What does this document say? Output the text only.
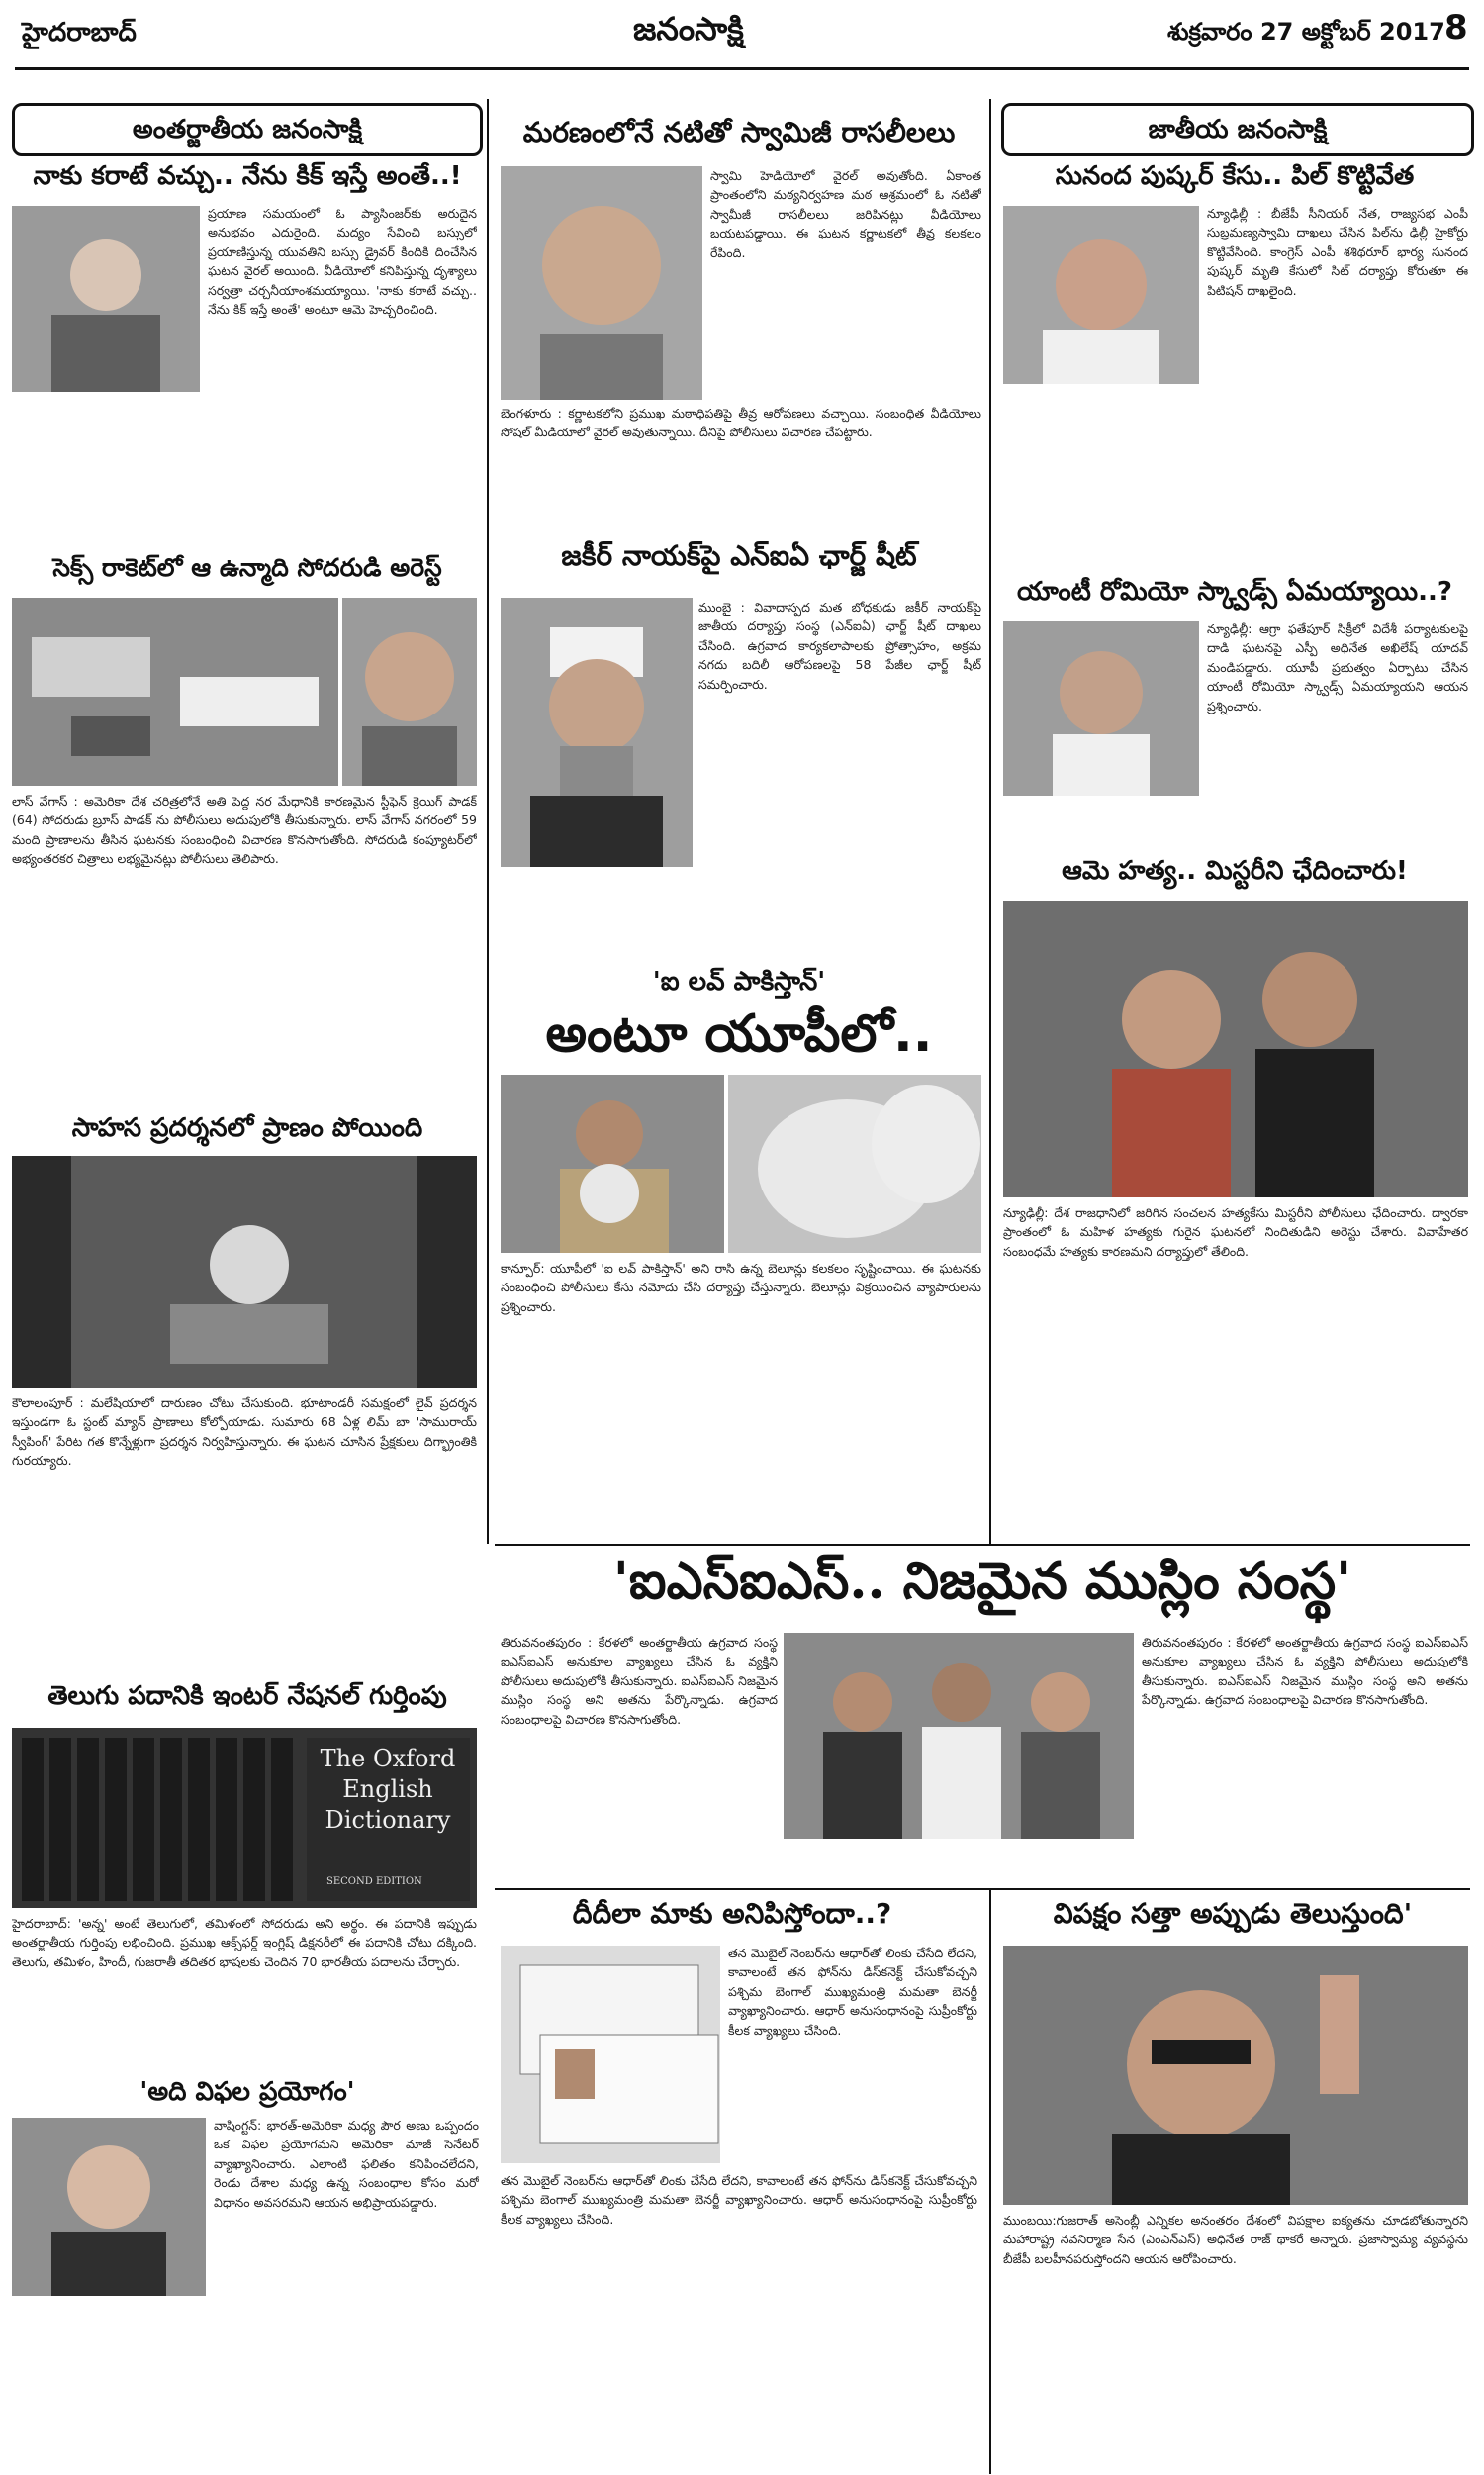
హైదరాబాద్	జనంసాక్షి	శుక్రవారం 27 అక్టోబర్ 2017 8
అంతర్జాతీయ జనంసాక్షి
నాకు కరాటే వచ్చు.. నేను కిక్ ఇస్తే అంతే..!
ప్రయాణ సమయంలో ఓ ప్యాసింజర్‌కు అరుదైన అనుభవం ఎదురైంది. మద్యం సేవించి బస్సులో ప్రయాణిస్తున్న యువతిని బస్సు డ్రైవర్ కిందికి దించేసిన ఘటన వైరల్ అయింది. వీడియోలో కనిపిస్తున్న దృశ్యాలు సర్వత్రా చర్చనీయాంశమయ్యాయి. 'నాకు కరాటే వచ్చు.. నేను కిక్ ఇస్తే అంతే' అంటూ ఆమె హెచ్చరించింది.
సెక్స్ రాకెట్‌లో ఆ ఉన్మాది సోదరుడి అరెస్ట్
లాస్ వేగాస్ : అమెరికా దేశ చరిత్రలోనే అతి పెద్ద నర మేధానికి కారణమైన స్టీఫెన్ క్రెయిగ్ పాడక్ (64) సోదరుడు బ్రూస్ పాడక్ ను పోలీసులు అదుపులోకి తీసుకున్నారు. లాస్ వేగాస్ నగరంలో 59 మంది ప్రాణాలను తీసిన ఘటనకు సంబంధించి విచారణ కొనసాగుతోంది. సోదరుడి కంప్యూటర్‌లో అభ్యంతరకర చిత్రాలు లభ్యమైనట్లు పోలీసులు తెలిపారు.
సాహస ప్రదర్శనలో ప్రాణం పోయింది
కౌలాలంపూర్ : మలేషియాలో దారుణం చోటు చేసుకుంది. భూటాండరీ సమక్షంలో లైవ్ ప్రదర్శన ఇస్తుండగా ఓ స్టంట్ మ్యాన్ ప్రాణాలు కోల్పోయాడు. సుమారు 68 ఏళ్ల లిమ్ బా 'సామురాయ్ స్వీపింగ్' పేరిట గత కొన్నేళ్లుగా ప్రదర్శన నిర్వహిస్తున్నారు. ఈ ఘటన చూసిన ప్రేక్షకులు దిగ్భ్రాంతికి గురయ్యారు.
తెలుగు పదానికి ఇంటర్ నేషనల్ గుర్తింపు
The Oxford English Dictionary
SECOND EDITION
హైదరాబాద్: 'అన్న' అంటే తెలుగులో, తమిళంలో సోదరుడు అని అర్థం. ఈ పదానికి ఇప్పుడు అంతర్జాతీయ గుర్తింపు లభించింది. ప్రముఖ ఆక్స్‌ఫర్డ్ ఇంగ్లిష్ డిక్షనరీలో ఈ పదానికి చోటు దక్కింది. తెలుగు, తమిళం, హిందీ, గుజరాతీ తదితర భాషలకు చెందిన 70 భారతీయ పదాలను చేర్చారు.
'అది విఫల ప్రయోగం'
వాషింగ్టన్: భారత్-అమెరికా మధ్య పౌర అణు ఒప్పందం ఒక విఫల ప్రయోగమని అమెరికా మాజీ సెనేటర్ వ్యాఖ్యానించారు. ఎలాంటి ఫలితం కనిపించలేదని, రెండు దేశాల మధ్య ఉన్న సంబంధాల కోసం మరో విధానం అవసరమని ఆయన అభిప్రాయపడ్డారు.
మరణంలోనే నటితో స్వామిజీ రాసలీలలు
స్వామి హెడియోలో వైరల్ అవుతోంది. ఏకాంత ప్రాంతంలోని మఠ్యనిర్వహణ మఠ ఆశ్రమంలో ఓ నటితో స్వామీజీ రాసలీలలు జరిపినట్లు వీడియోలు బయటపడ్డాయి. ఈ ఘటన కర్ణాటకలో తీవ్ర కలకలం రేపింది.
బెంగళూరు : కర్ణాటకలోని ప్రముఖ మఠాధిపతిపై తీవ్ర ఆరోపణలు వచ్చాయి. సంబంధిత వీడియోలు సోషల్ మీడియాలో వైరల్ అవుతున్నాయి. దీనిపై పోలీసులు విచారణ చేపట్టారు.
జకీర్ నాయక్‌పై ఎన్ఐఏ ఛార్జ్ షీట్
ముంబై : వివాదాస్పద మత బోధకుడు జకీర్ నాయక్‌పై జాతీయ దర్యాప్తు సంస్థ (ఎన్ఐఏ) ఛార్జ్ షీట్ దాఖలు చేసింది. ఉగ్రవాద కార్యకలాపాలకు ప్రోత్సాహం, అక్రమ నగదు బదిలీ ఆరోపణలపై 58 పేజీల ఛార్జ్ షీట్ సమర్పించారు.
'ఐ లవ్ పాకిస్తాన్'
అంటూ యూపీలో..
కాన్పూర్: యూపీలో 'ఐ లవ్ పాకిస్తాన్' అని రాసి ఉన్న బెలూన్లు కలకలం సృష్టించాయి. ఈ ఘటనకు సంబంధించి పోలీసులు కేసు నమోదు చేసి దర్యాప్తు చేస్తున్నారు. బెలూన్లు విక్రయించిన వ్యాపారులను ప్రశ్నించారు.
జాతీయ జనంసాక్షి
సునంద పుష్కర్ కేసు.. పిల్ కొట్టివేత
న్యూఢిల్లీ : బీజేపీ సీనియర్ నేత, రాజ్యసభ ఎంపీ సుబ్రమణ్యస్వామి దాఖలు చేసిన పిల్‌ను ఢిల్లీ హైకోర్టు కొట్టివేసింది. కాంగ్రెస్ ఎంపీ శశిథరూర్ భార్య సునంద పుష్కర్ మృతి కేసులో సిట్ దర్యాప్తు కోరుతూ ఈ పిటిషన్ దాఖలైంది.
యాంటీ రోమియో స్క్వాడ్స్ ఏమయ్యాయి..?
న్యూఢిల్లీ: ఆగ్రా ఫతేపూర్ సిక్రీలో విదేశీ పర్యాటకులపై దాడి ఘటనపై ఎస్పీ అధినేత అఖిలేష్ యాదవ్ మండిపడ్డారు. యూపీ ప్రభుత్వం ఏర్పాటు చేసిన యాంటీ రోమియో స్క్వాడ్స్ ఏమయ్యాయని ఆయన ప్రశ్నించారు.
ఆమె హత్య.. మిస్టరీని ఛేదించారు!
న్యూఢిల్లీ: దేశ రాజధానిలో జరిగిన సంచలన హత్యకేసు మిస్టరీని పోలీసులు ఛేదించారు. ద్వారకా ప్రాంతంలో ఓ మహిళ హత్యకు గురైన ఘటనలో నిందితుడిని అరెస్టు చేశారు. వివాహేతర సంబంధమే హత్యకు కారణమని దర్యాప్తులో తేలింది.
'ఐఎస్ఐఎస్.. నిజమైన ముస్లిం సంస్థ'
తిరువనంతపురం : కేరళలో అంతర్జాతీయ ఉగ్రవాద సంస్థ ఐఎస్ఐఎస్ అనుకూల వ్యాఖ్యలు చేసిన ఓ వ్యక్తిని పోలీసులు అదుపులోకి తీసుకున్నారు. ఐఎస్ఐఎస్ నిజమైన ముస్లిం సంస్థ అని అతను పేర్కొన్నాడు. ఉగ్రవాద సంబంధాలపై విచారణ కొనసాగుతోంది.
తిరువనంతపురం : కేరళలో అంతర్జాతీయ ఉగ్రవాద సంస్థ ఐఎస్ఐఎస్ అనుకూల వ్యాఖ్యలు చేసిన ఓ వ్యక్తిని పోలీసులు అదుపులోకి తీసుకున్నారు. ఐఎస్ఐఎస్ నిజమైన ముస్లిం సంస్థ అని అతను పేర్కొన్నాడు. ఉగ్రవాద సంబంధాలపై విచారణ కొనసాగుతోంది.
దీదీలా మాకు అనిపిస్తోందా..?
తన మొబైల్ నెంబర్‌ను ఆధార్‌తో లింకు చేసేది లేదని, కావాలంటే తన ఫోన్‌ను డిస్‌కనెక్ట్ చేసుకోవచ్చని పశ్చిమ బెంగాల్ ముఖ్యమంత్రి మమతా బెనర్జీ వ్యాఖ్యానించారు. ఆధార్ అనుసంధానంపై సుప్రీంకోర్టు కీలక వ్యాఖ్యలు చేసింది.
తన మొబైల్ నెంబర్‌ను ఆధార్‌తో లింకు చేసేది లేదని, కావాలంటే తన ఫోన్‌ను డిస్‌కనెక్ట్ చేసుకోవచ్చని పశ్చిమ బెంగాల్ ముఖ్యమంత్రి మమతా బెనర్జీ వ్యాఖ్యానించారు. ఆధార్ అనుసంధానంపై సుప్రీంకోర్టు కీలక వ్యాఖ్యలు చేసింది.
విపక్షం సత్తా అప్పుడు తెలుస్తుంది'
ముంబయి:గుజరాత్ అసెంబ్లీ ఎన్నికల అనంతరం దేశంలో విపక్షాల ఐక్యతను చూడబోతున్నారని మహారాష్ట్ర నవనిర్మాణ సేన (ఎంఎన్ఎస్) అధినేత రాజ్ థాకరే అన్నారు. ప్రజాస్వామ్య వ్యవస్థను బీజేపీ బలహీనపరుస్తోందని ఆయన ఆరోపించారు.
